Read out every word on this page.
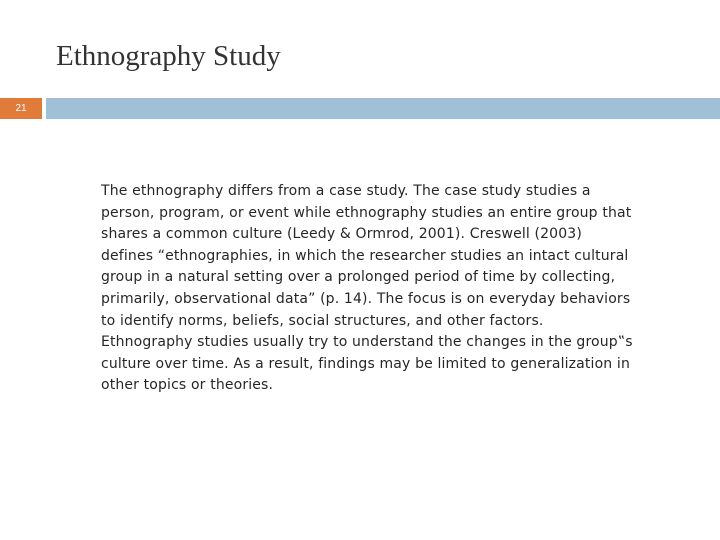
Ethnography Study
21

The ethnography differs from a case study. The case study studies a
person, program, or event while ethnography studies an entire group that
shares a common culture (Leedy & Ormrod, 2001). Creswell (2003)
defines “ethnographies, in which the researcher studies an intact cultural
group in a natural setting over a prolonged period of time by collecting,
primarily, observational data” (p. 14). The focus is on everyday behaviors
to identify norms, beliefs, social structures, and other factors.
Ethnography studies usually try to understand the changes in the group‟s
culture over time. As a result, findings may be limited to generalization in
other topics or theories.
